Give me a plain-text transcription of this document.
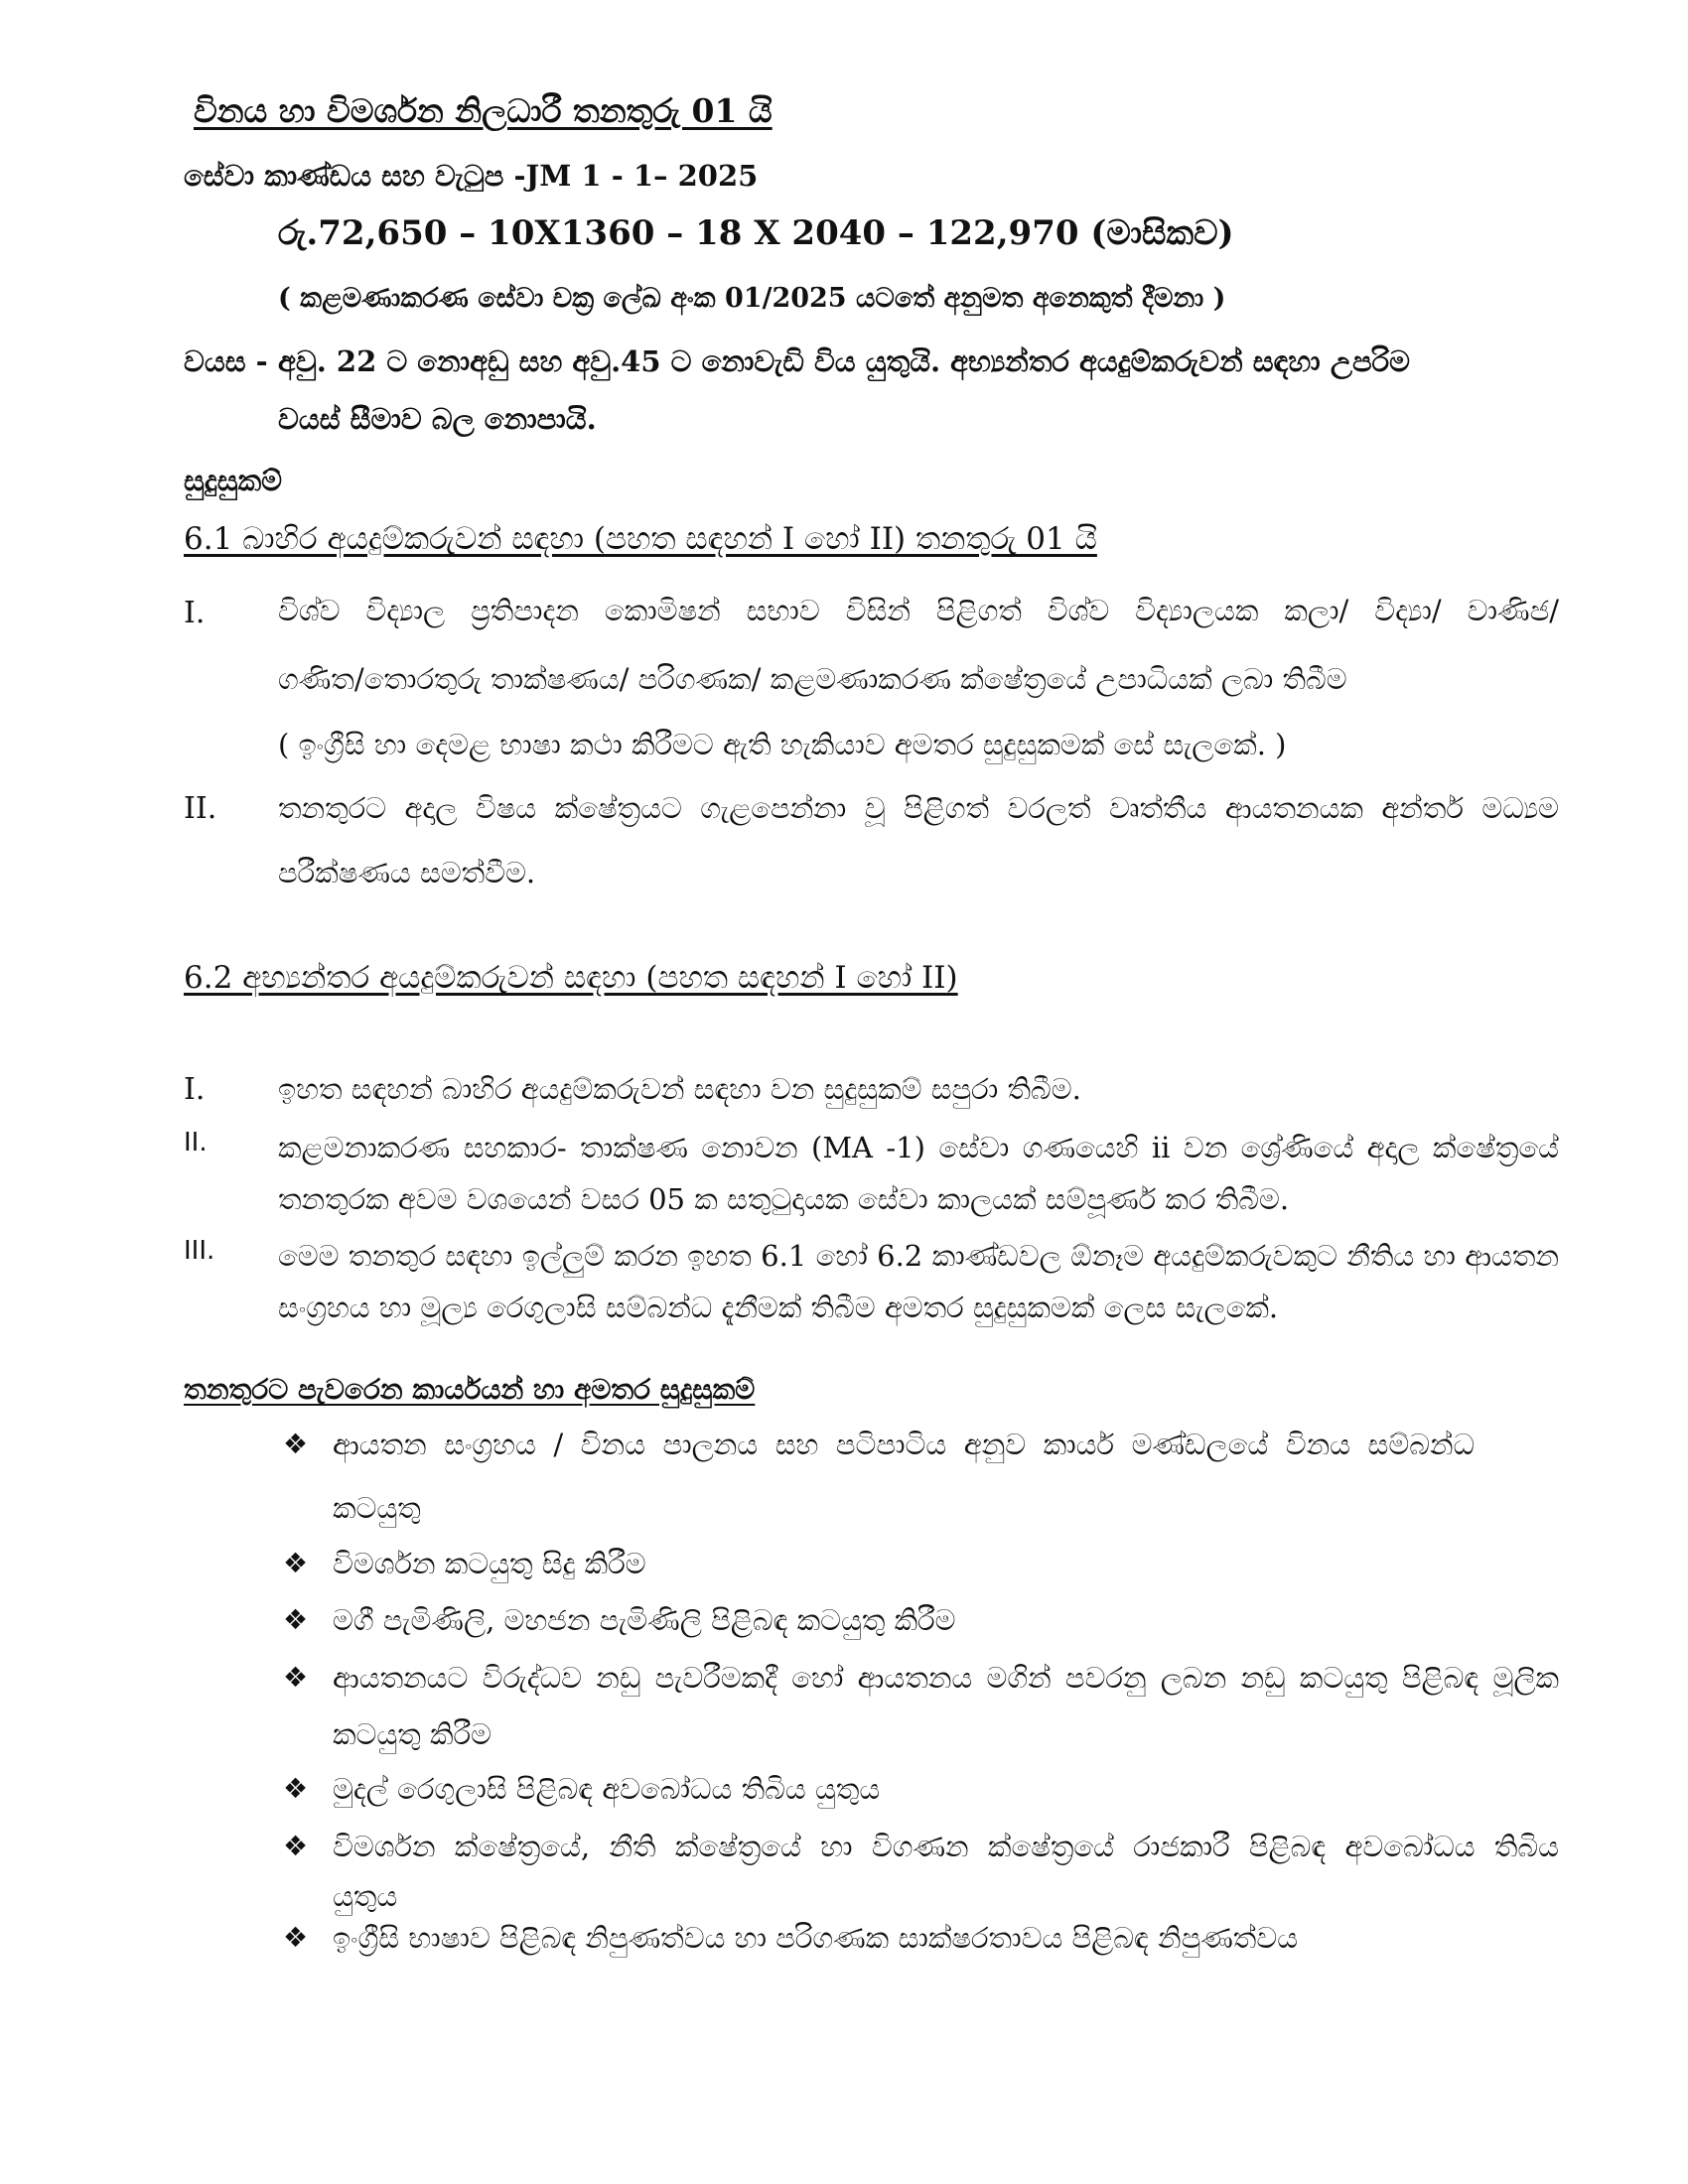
විනය හා විමර්ශන නිලධාරී තනතුරු 01 යි
සේවා කාණ්ඩය සහ වැටුප -JM 1 - 1– 2025
රු.72,650 – 10X1360 – 18 X 2040 – 122,970 (මාසිකව)
( කළමණාකරණ සේවා චක්‍ර ලේඛ අංක 01/2025 යටතේ අනුමත අනෙකුත් දීමනා )
වයස - අවු. 22 ට නොඅඩු සහ අවු.45 ට නොවැඩි විය යුතුයි. අභ්‍යන්තර අයදුම්කරුවන් සඳහා උපරිම
වයස් සීමාව බල නොපායි.
සුදුසුකම්
6.1 බාහිර අයදුම්කරුවන් සඳහා (පහත සඳහන් I හෝ II) තනතුරු 01 යි
I.	විශ්ව විද්‍යාල ප්‍රතිපාදන කොමිෂන් සභාව විසින් පිළිගත් විශ්ව විද්‍යාලයක කලා/ විද්‍යා/ වාණිජ/
ගණිත/තොරතුරු තාක්ෂණය/ පරිගණක/ කළමණාකරණ ක්ෂේත්‍රයේ උපාධියක් ලබා තිබීම
( ඉංග්‍රීසි හා දෙමළ භාෂා කථා කිරීමට ඇති හැකියාව අමතර සුදුසුකමක් සේ සැලකේ. )
II. තනතුරට අදාල විෂය ක්ෂේත්‍රයට ගැළපෙන්නා වූ පිළිගත් වරලත් වෘත්තීය ආයතනයක අන්තර් මධ්‍යම
පරීක්ෂණය සමත්වීම.
6.2 අභ්‍යන්තර අයදුම්කරුවන් සඳහා (පහත සඳහන් I හෝ II)
I.	ඉහත සඳහන් බාහිර අයදුම්කරුවන් සඳහා වන සුදුසුකම් සපුරා තිබීම.
II. කළමනාකරණ සහකාර- තාක්ෂණ නොවන (MA -1) සේවා ගණයෙහි ii වන ශ්‍රේණියේ අදාල ක්ෂේත්‍රයේ තනතුරක අවම වශයෙන් වසර 05 ක සතුටුදායක සේවා කාලයක් සම්පූර්ණ කර තිබීම.
III. මෙම තනතුර සඳහා ඉල්ලුම් කරන ඉහත 6.1 හෝ 6.2 කාණ්ඩවල ඕනෑම අයදුම්කරුවකුට නීතිය හා ආයතන සංග්‍රහය හා මූල්‍ය රෙගුලාසි සම්බන්ධ දැනීමක් තිබීම අමතර සුදුසුකමක් ලෙස සැලකේ.
තනතුරට පැවරෙන කාර්යයන් හා අමතර සුදුසුකම්
❖ ආයතන සංග්‍රහය / විනය පාලනය සහ පටිපාටිය අනුව කාර්ය මණ්ඩලයේ විනය සම්බන්ධ
කටයුතු
❖ විමර්ශන කටයුතු සිදු කිරීම
❖ මගී පැමිණිලි, මහජන පැමිණිලි පිළිබඳ කටයුතු කිරීම
❖ ආයතනයට විරුද්ධව නඩු පැවරීමකදී හෝ ආයතනය මගින් පවරනු ලබන නඩු කටයුතු පිළිබඳ මූලික
කටයුතු කිරීම
❖ මුදල් රෙගුලාසි පිළිබඳ අවබෝධය තිබිය යුතුය
❖ විමර්ශන ක්ෂේත්‍රයේ, නීති ක්ෂේත්‍රයේ හා විගණන ක්ෂේත්‍රයේ රාජකාරී පිළිබඳ අවබෝධය තිබිය
යුතුය
❖ ඉංග්‍රීසි භාෂාව පිළිබඳ නිපුණත්වය හා පරිගණක සාක්ෂරතාවය පිළිබඳ නිපුණත්වය
